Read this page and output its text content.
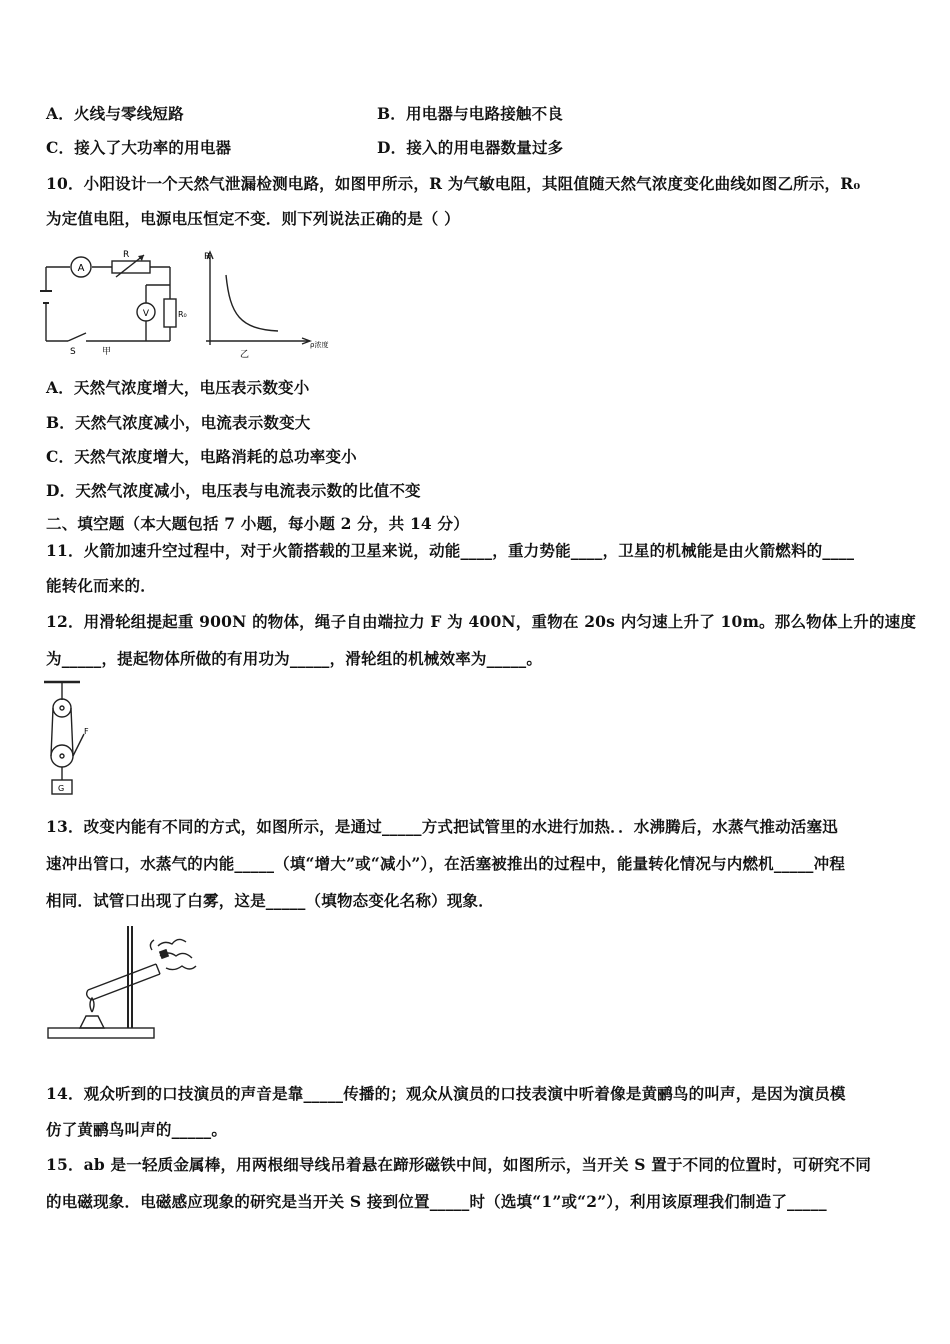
A．火线与零线短路	B．用电器与电路接触不良
C．接入了大功率的用电器	D．接入的用电器数量过多
10．小阳设计一个天然气泄漏检测电路，如图甲所示，R 为气敏电阻，其阻值随天然气浓度变化曲线如图乙所示，R₀
为定值电阻，电源电压恒定不变．则下列说法正确的是（ ）
A
V
R
R₀
S	甲
R
ρ浓度
乙
A．天然气浓度增大，电压表示数变小
B．天然气浓度减小，电流表示数变大
C．天然气浓度增大，电路消耗的总功率变小
D．天然气浓度减小，电压表与电流表示数的比值不变
二、填空题（本大题包括 7 小题，每小题 2 分，共 14 分）
11．火箭加速升空过程中，对于火箭搭载的卫星来说，动能____，重力势能____，卫星的机械能是由火箭燃料的____
能转化而来的．
12．用滑轮组提起重 900N 的物体，绳子自由端拉力 F 为 400N，重物在 20s 内匀速上升了 10m。那么物体上升的速度
为_____，提起物体所做的有用功为_____，滑轮组的机械效率为_____。
F
G
13．改变内能有不同的方式，如图所示，是通过_____方式把试管里的水进行加热．．水沸腾后，水蒸气推动活塞迅
速冲出管口，水蒸气的内能_____（填“增大”或“减小”），在活塞被推出的过程中，能量转化情况与内燃机_____冲程
相同．试管口出现了白雾，这是_____（填物态变化名称）现象．
14．观众听到的口技演员的声音是靠_____传播的；观众从演员的口技表演中听着像是黄鹂鸟的叫声，是因为演员模
仿了黄鹂鸟叫声的_____。
15．ab 是一轻质金属棒，用两根细导线吊着悬在蹄形磁铁中间，如图所示，当开关 S 置于不同的位置时，可研究不同
的电磁现象．电磁感应现象的研究是当开关 S 接到位置_____时（选填“1”或“2”），利用该原理我们制造了_____
